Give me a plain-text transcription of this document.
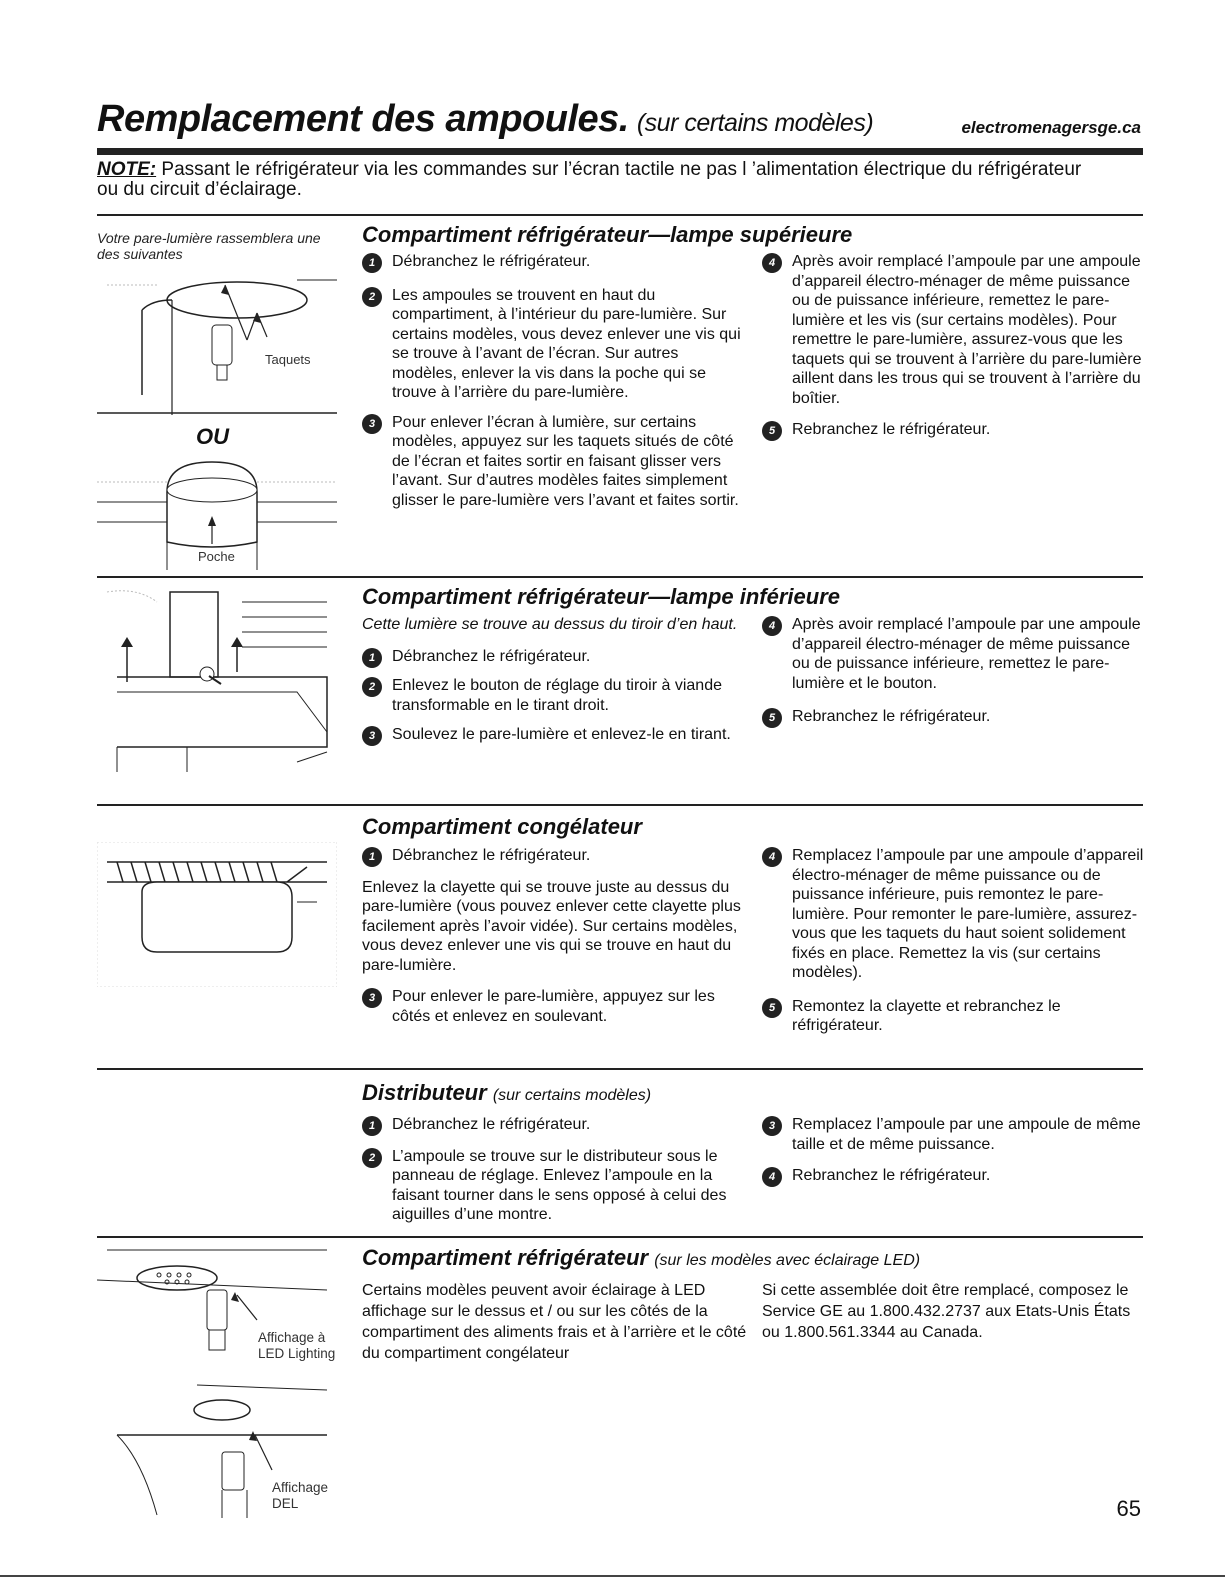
Remplacement des ampoules. (sur certains modèles)	electromenagersge.ca
NOTE: Passant le réfrigérateur via les commandes sur l’écran tactile ne pas l ’alimentation électrique du réfrigérateur ou du circuit d’éclairage.
Votre pare-lumière rassemblera une des suivantes
Taquets
OU
Poche
Affichage à LED Lighting
Affichage DEL
Compartiment réfrigérateur—lampe supérieure
1	Débranchez le réfrigérateur.
2	Les ampoules se trouvent en haut du compartiment, à l’intérieur du pare-lumière. Sur certains modèles, vous devez enlever une vis qui se trouve à l’avant de l’écran. Sur autres modèles, enlever la vis dans la poche qui se trouve à l’arrière du pare-lumière.
3	Pour enlever l’écran à lumière, sur certains modèles, appuyez sur les taquets situés de côté de l’écran et faites sortir en faisant glisser vers l’avant. Sur d’autres modèles faites simplement glisser le pare-lumière vers l’avant et faites sortir.
4	Après avoir remplacé l’ampoule par une ampoule d’appareil électro-ménager de même puissance ou de puissance inférieure, remettez le pare-lumière et les vis (sur certains modèles). Pour remettre le pare-lumière, assurez-vous que les taquets qui se trouvent à l’arrière du pare-lumière aillent dans les trous qui se trouvent à l’arrière du boîtier.
5	Rebranchez le réfrigérateur.
Compartiment réfrigérateur—lampe inférieure
Cette lumière se trouve au dessus du tiroir d’en haut.
1	Débranchez le réfrigérateur.
2	Enlevez le bouton de réglage du tiroir à viande transformable en le tirant droit.
3	Soulevez le pare-lumière et enlevez-le en tirant.
4	Après avoir remplacé l’ampoule par une ampoule d’appareil électro-ménager de même puissance ou de puissance inférieure, remettez le pare-lumière et le bouton.
5	Rebranchez le réfrigérateur.
Compartiment congélateur
1	Débranchez le réfrigérateur.
Enlevez la clayette qui se trouve juste au dessus du pare-lumière (vous pouvez enlever cette clayette plus facilement après l’avoir vidée). Sur certains modèles, vous devez enlever une vis qui se trouve en haut du pare-lumière.
3	Pour enlever le pare-lumière, appuyez sur les côtés et enlevez en soulevant.
4	Remplacez l’ampoule par une ampoule d’appareil électro-ménager de même puissance ou de puissance inférieure, puis remontez le pare-lumière. Pour remonter le pare-lumière, assurez-vous que les taquets du haut soient solidement fixés en place. Remettez la vis (sur certains modèles).
5	Remontez la clayette et rebranchez le réfrigérateur.
Distributeur (sur certains modèles)
1	Débranchez le réfrigérateur.
2	L’ampoule se trouve sur le distributeur sous le panneau de réglage. Enlevez l’ampoule en la faisant tourner dans le sens opposé à celui des aiguilles d’une montre.
3	Remplacez l’ampoule par une ampoule de même taille et de même puissance.
4	Rebranchez le réfrigérateur.
Compartiment réfrigérateur (sur les modèles avec éclairage LED)
Certains modèles peuvent avoir éclairage à LED affichage sur le dessus et / ou sur les côtés de la compartiment des aliments frais et à l’arrière et le côté du compartiment congélateur
Si cette assemblée doit être remplacé, composez le Service GE au 1.800.432.2737 aux Etats-Unis États ou 1.800.561.3344 au Canada.
65
